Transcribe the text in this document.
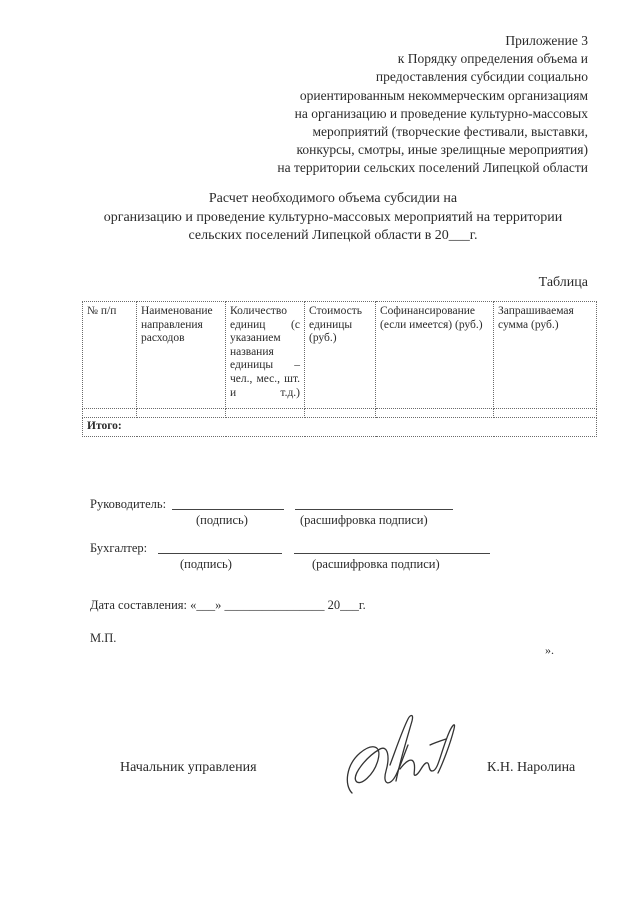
Приложение 3
к Порядку определения объема и
предоставления субсидии социально
ориентированным некоммерческим организациям
на организацию и проведение культурно-массовых
мероприятий (творческие фестивали, выставки,
конкурсы, смотры, иные зрелищные мероприятия)
на территории сельских поселений Липецкой области
Расчет необходимого объема субсидии на
организацию и проведение культурно-массовых мероприятий на территории
сельских поселений Липецкой области в 20___г.
Таблица
№ п/п	Наименование направления расходов	Количество единиц (с указанием названия единицы – чел., мес., шт. и т.д.)	Стоимость единицы (руб.)	Софинансирование (если имеется) (руб.)	Запрашиваемая сумма (руб.)

Итого:					
Руководитель:
(подпись)	(расшифровка подписи)
Бухгалтер:
(подпись)	(расшифровка подписи)
Дата составления: «___» ________________ 20___г.
М.П.
».
Начальник управления	К.Н. Наролина
